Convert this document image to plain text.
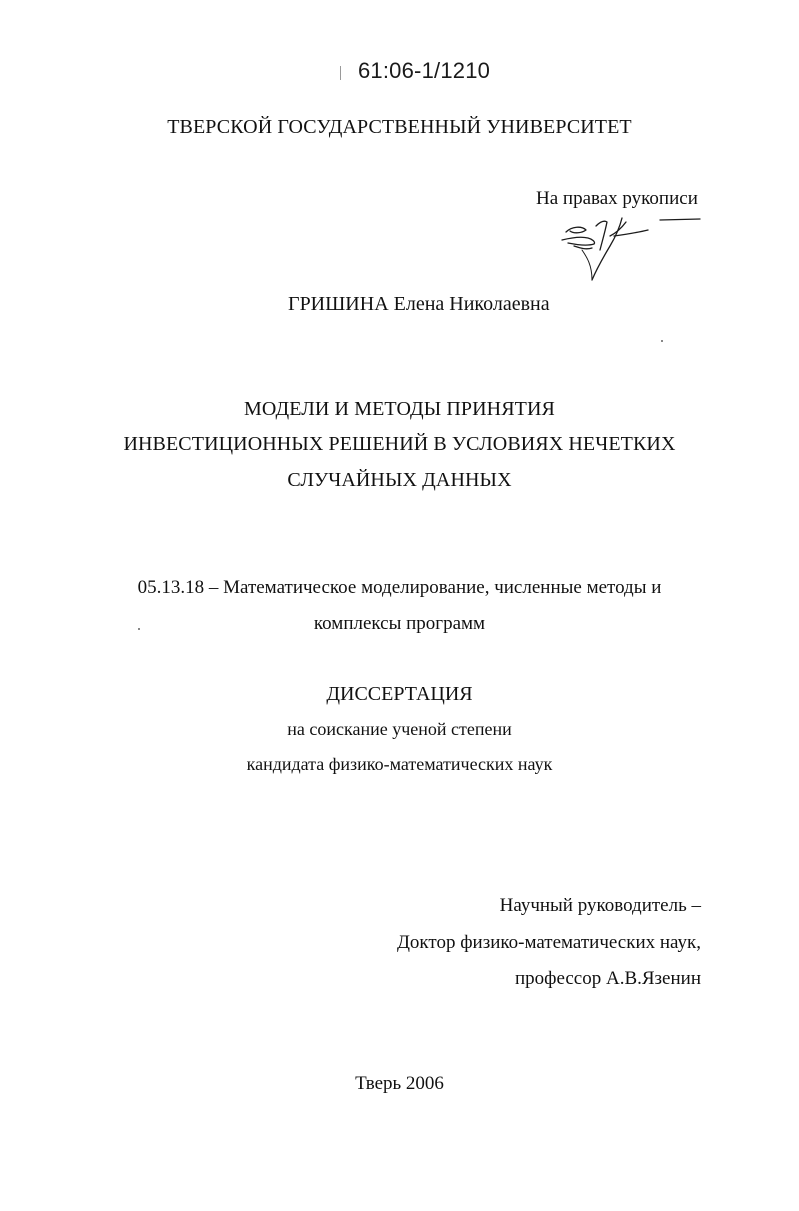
61:06-1/1210
ТВЕРСКОЙ ГОСУДАРСТВЕННЫЙ УНИВЕРСИТЕТ
На правах рукописи
ГРИШИНА Елена Николаевна
МОДЕЛИ И МЕТОДЫ ПРИНЯТИЯ
ИНВЕСТИЦИОННЫХ РЕШЕНИЙ В УСЛОВИЯХ НЕЧЕТКИХ
СЛУЧАЙНЫХ ДАННЫХ
05.13.18 – Математическое моделирование, численные методы и
комплексы программ
ДИССЕРТАЦИЯ
на соискание ученой степени
кандидата физико-математических наук
Научный руководитель –
Доктор физико-математических наук,
профессор А.В.Язенин
Тверь 2006
